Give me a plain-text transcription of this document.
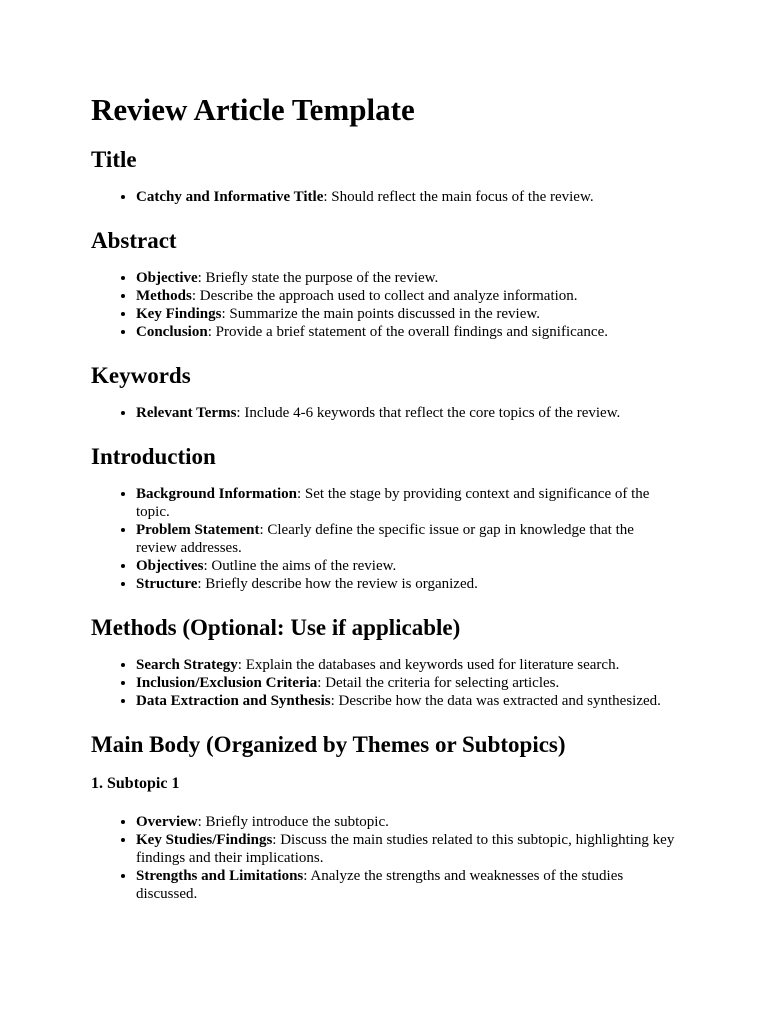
Review Article Template
Title
• Catchy and Informative Title: Should reflect the main focus of the review.
Abstract
• Objective: Briefly state the purpose of the review.
• Methods: Describe the approach used to collect and analyze information.
• Key Findings: Summarize the main points discussed in the review.
• Conclusion: Provide a brief statement of the overall findings and significance.
Keywords
• Relevant Terms: Include 4-6 keywords that reflect the core topics of the review.
Introduction
• Background Information: Set the stage by providing context and significance of the topic.
• Problem Statement: Clearly define the specific issue or gap in knowledge that the review addresses.
• Objectives: Outline the aims of the review.
• Structure: Briefly describe how the review is organized.
Methods (Optional: Use if applicable)
• Search Strategy: Explain the databases and keywords used for literature search.
• Inclusion/Exclusion Criteria: Detail the criteria for selecting articles.
• Data Extraction and Synthesis: Describe how the data was extracted and synthesized.
Main Body (Organized by Themes or Subtopics)
1. Subtopic 1
• Overview: Briefly introduce the subtopic.
• Key Studies/Findings: Discuss the main studies related to this subtopic, highlighting key findings and their implications.
• Strengths and Limitations: Analyze the strengths and weaknesses of the studies discussed.
